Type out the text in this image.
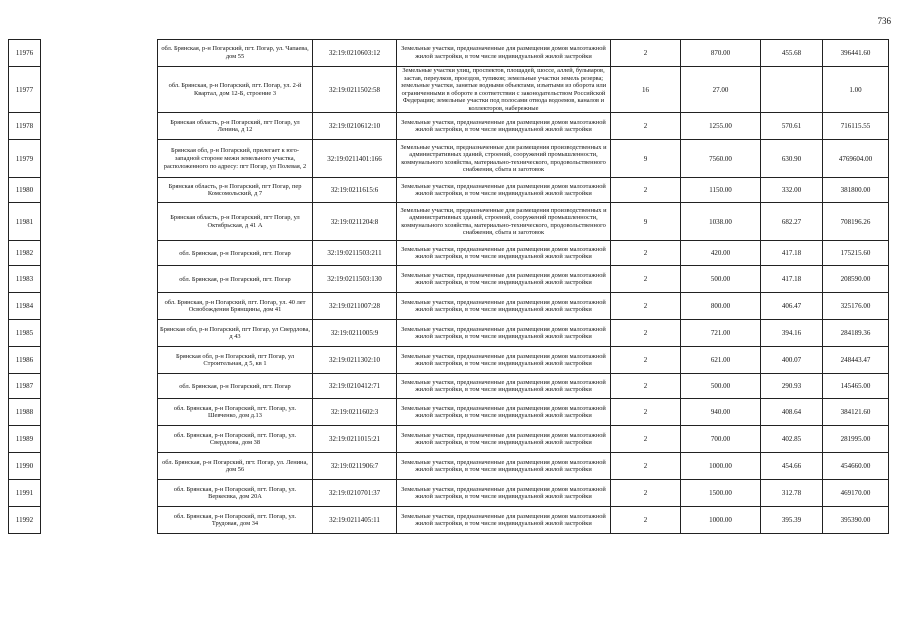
736
11976		обл. Брянская, р-н Погарский, пгт. Погар, ул. Чапаева, дом 55	32:19:0210603:12	Земельные участки, предназначенные для размещения домов малоэтажной жилой застройки, в том числе индивидуальной жилой застройки	2	870.00	455.68	396441.60
11977		обл. Брянская, р-н Погарский, пгт. Погар, ул. 2-й Квартал, дом 12-Б, строение 3	32:19:0211502:58	Земельные участки улиц, проспектов, площадей, шоссе, аллей, бульваров, застав, переулков, проездов, тупиков; земельные участки земель резерва; земельные участки, занятые водными объектами, изъятыми из оборота или ограниченными в обороте в соответствии с законодательством Российской Федерации; земельные участки под полосами отвода водоемов, каналов и коллекторов, набережные	16	27.00		1.00
11978		Брянская область, р-н Погарский, пгт Погар, ул Ленина, д 12	32:19:0210612:10	Земельные участки, предназначенные для размещения домов малоэтажной жилой застройки, в том числе индивидуальной жилой застройки	2	1255.00	570.61	716115.55
11979		Брянская обл, р-н Погарский, прилегает к юго-западной стороне межи земельного участка, расположенного по адресу: пгт Погар, ул Полевая, 2	32:19:0211401:166	Земельные участки, предназначенные для размещения производственных и административных зданий, строений, сооружений промышленности, коммунального хозяйства, материально-технического, продовольственного снабжения, сбыта и заготовок	9	7560.00	630.90	4769604.00
11980		Брянская область, р-н Погарский, пгт Погар, пер Комсомольский, д 7	32:19:0211615:6	Земельные участки, предназначенные для размещения домов малоэтажной жилой застройки, в том числе индивидуальной жилой застройки	2	1150.00	332.00	381800.00
11981		Брянская область, р-н Погарский, пгт Погар, ул Октябрьская, д 41 А	32:19:0211204:8	Земельные участки, предназначенные для размещения производственных и административных зданий, строений, сооружений промышленности, коммунального хозяйства, материально-технического, продовольственного снабжения, сбыта и заготовок	9	1038.00	682.27	708196.26
11982		обл. Брянская, р-н Погарский, пгт. Погар	32:19:0211503:211	Земельные участки, предназначенные для размещения домов малоэтажной жилой застройки, в том числе индивидуальной жилой застройки	2	420.00	417.18	175215.60
11983		обл. Брянская, р-н Погарский, пгт. Погар	32:19:0211503:130	Земельные участки, предназначенные для размещения домов малоэтажной жилой застройки, в том числе индивидуальной жилой застройки	2	500.00	417.18	208590.00
11984		обл. Брянская, р-н Погарский, пгт. Погар, ул. 40 лет Освобождения Брянщины, дом 41	32:19:0211007:28	Земельные участки, предназначенные для размещения домов малоэтажной жилой застройки, в том числе индивидуальной жилой застройки	2	800.00	406.47	325176.00
11985		Брянская обл, р-н Погарский, пгт Погар, ул Свердлова, д 43	32:19:0211005:9	Земельные участки, предназначенные для размещения домов малоэтажной жилой застройки, в том числе индивидуальной жилой застройки	2	721.00	394.16	284189.36
11986		Брянская обл, р-н Погарский, пгт Погар, ул Строительная, д 5, кв 1	32:19:0211302:10	Земельные участки, предназначенные для размещения домов малоэтажной жилой застройки, в том числе индивидуальной жилой застройки	2	621.00	400.07	248443.47
11987		обл. Брянская, р-н Погарский, пгт. Погар	32:19:0210412:71	Земельные участки, предназначенные для размещения домов малоэтажной жилой застройки, в том числе индивидуальной жилой застройки	2	500.00	290.93	145465.00
11988		обл. Брянская, р-н Погарский, пгт. Погар, ул. Шевченко, дом д.13	32:19:0211602:3	Земельные участки, предназначенные для размещения домов малоэтажной жилой застройки, в том числе индивидуальной жилой застройки	2	940.00	408.64	384121.60
11989		обл. Брянская, р-н Погарский, пгт. Погар, ул. Свердлова, дом 38	32:19:0211015:21	Земельные участки, предназначенные для размещения домов малоэтажной жилой застройки, в том числе индивидуальной жилой застройки	2	700.00	402.85	281995.00
11990		обл. Брянская, р-н Погарский, пгт. Погар, ул. Ленина, дом 56	32:19:0211906:7	Земельные участки, предназначенные для размещения домов малоэтажной жилой застройки, в том числе индивидуальной жилой застройки	2	1000.00	454.66	454660.00
11991		обл. Брянская, р-н Погарский, пгт. Погар, ул. Веркеєвка, дом 20А	32:19:0210701:37	Земельные участки, предназначенные для размещения домов малоэтажной жилой застройки, в том числе индивидуальной жилой застройки	2	1500.00	312.78	469170.00
11992		обл. Брянская, р-н Погарский, пгт. Погар, ул. Трудовая, дом 34	32:19:0211405:11	Земельные участки, предназначенные для размещения домов малоэтажной жилой застройки, в том числе индивидуальной жилой застройки	2	1000.00	395.39	395390.00
